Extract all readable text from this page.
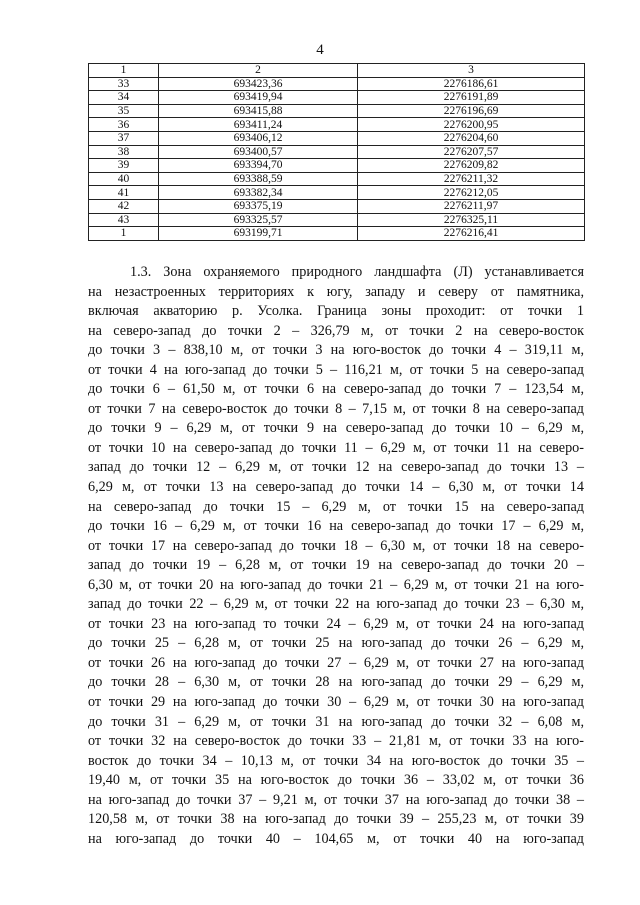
4
1	2	3
33	693423,36	2276186,61
34	693419,94	2276191,89
35	693415,88	2276196,69
36	693411,24	2276200,95
37	693406,12	2276204,60
38	693400,57	2276207,57
39	693394,70	2276209,82
40	693388,59	2276211,32
41	693382,34	2276212,05
42	693375,19	2276211,97
43	693325,57	2276325,11
1	693199,71	2276216,41
1.3. Зона охраняемого природного ландшафта (Л) устанавливается
на незастроенных территориях к югу, западу и северу от памятника,
включая акваторию р. Усолка. Граница зоны проходит: от точки 1
на северо-запад до точки 2 – 326,79 м, от точки 2 на северо-восток
до точки 3 – 838,10 м, от точки 3 на юго-восток до точки 4 – 319,11 м,
от точки 4 на юго-запад до точки 5 – 116,21 м, от точки 5 на северо-запад
до точки 6 – 61,50 м, от точки 6 на северо-запад до точки 7 – 123,54 м,
от точки 7 на северо-восток до точки 8 – 7,15 м, от точки 8 на северо-запад
до точки 9 – 6,29 м, от точки 9 на северо-запад до точки 10 – 6,29 м,
от точки 10 на северо-запад до точки 11 – 6,29 м, от точки 11 на северо-
запад до точки 12 – 6,29 м, от точки 12 на северо-запад до точки 13 –
6,29 м, от точки 13 на северо-запад до точки 14 – 6,30 м, от точки 14
на северо-запад до точки 15 – 6,29 м, от точки 15 на северо-запад
до точки 16 – 6,29 м, от точки 16 на северо-запад до точки 17 – 6,29 м,
от точки 17 на северо-запад до точки 18 – 6,30 м, от точки 18 на северо-
запад до точки 19 – 6,28 м, от точки 19 на северо-запад до точки 20 –
6,30 м, от точки 20 на юго-запад до точки 21 – 6,29 м, от точки 21 на юго-
запад до точки 22 – 6,29 м, от точки 22 на юго-запад до точки 23 – 6,30 м,
от точки 23 на юго-запад то точки 24 – 6,29 м, от точки 24 на юго-запад
до точки 25 – 6,28 м, от точки 25 на юго-запад до точки 26 – 6,29 м,
от точки 26 на юго-запад до точки 27 – 6,29 м, от точки 27 на юго-запад
до точки 28 – 6,30 м, от точки 28 на юго-запад до точки 29 – 6,29 м,
от точки 29 на юго-запад до точки 30 – 6,29 м, от точки 30 на юго-запад
до точки 31 – 6,29 м, от точки 31 на юго-запад до точки 32 – 6,08 м,
от точки 32 на северо-восток до точки 33 – 21,81 м, от точки 33 на юго-
восток до точки 34 – 10,13 м, от точки 34 на юго-восток до точки 35 –
19,40 м, от точки 35 на юго-восток до точки 36 – 33,02 м, от точки 36
на юго-запад до точки 37 – 9,21 м, от точки 37 на юго-запад до точки 38 –
120,58 м, от точки 38 на юго-запад до точки 39 – 255,23 м, от точки 39
на юго-запад до точки 40 – 104,65 м, от точки 40 на юго-запад
